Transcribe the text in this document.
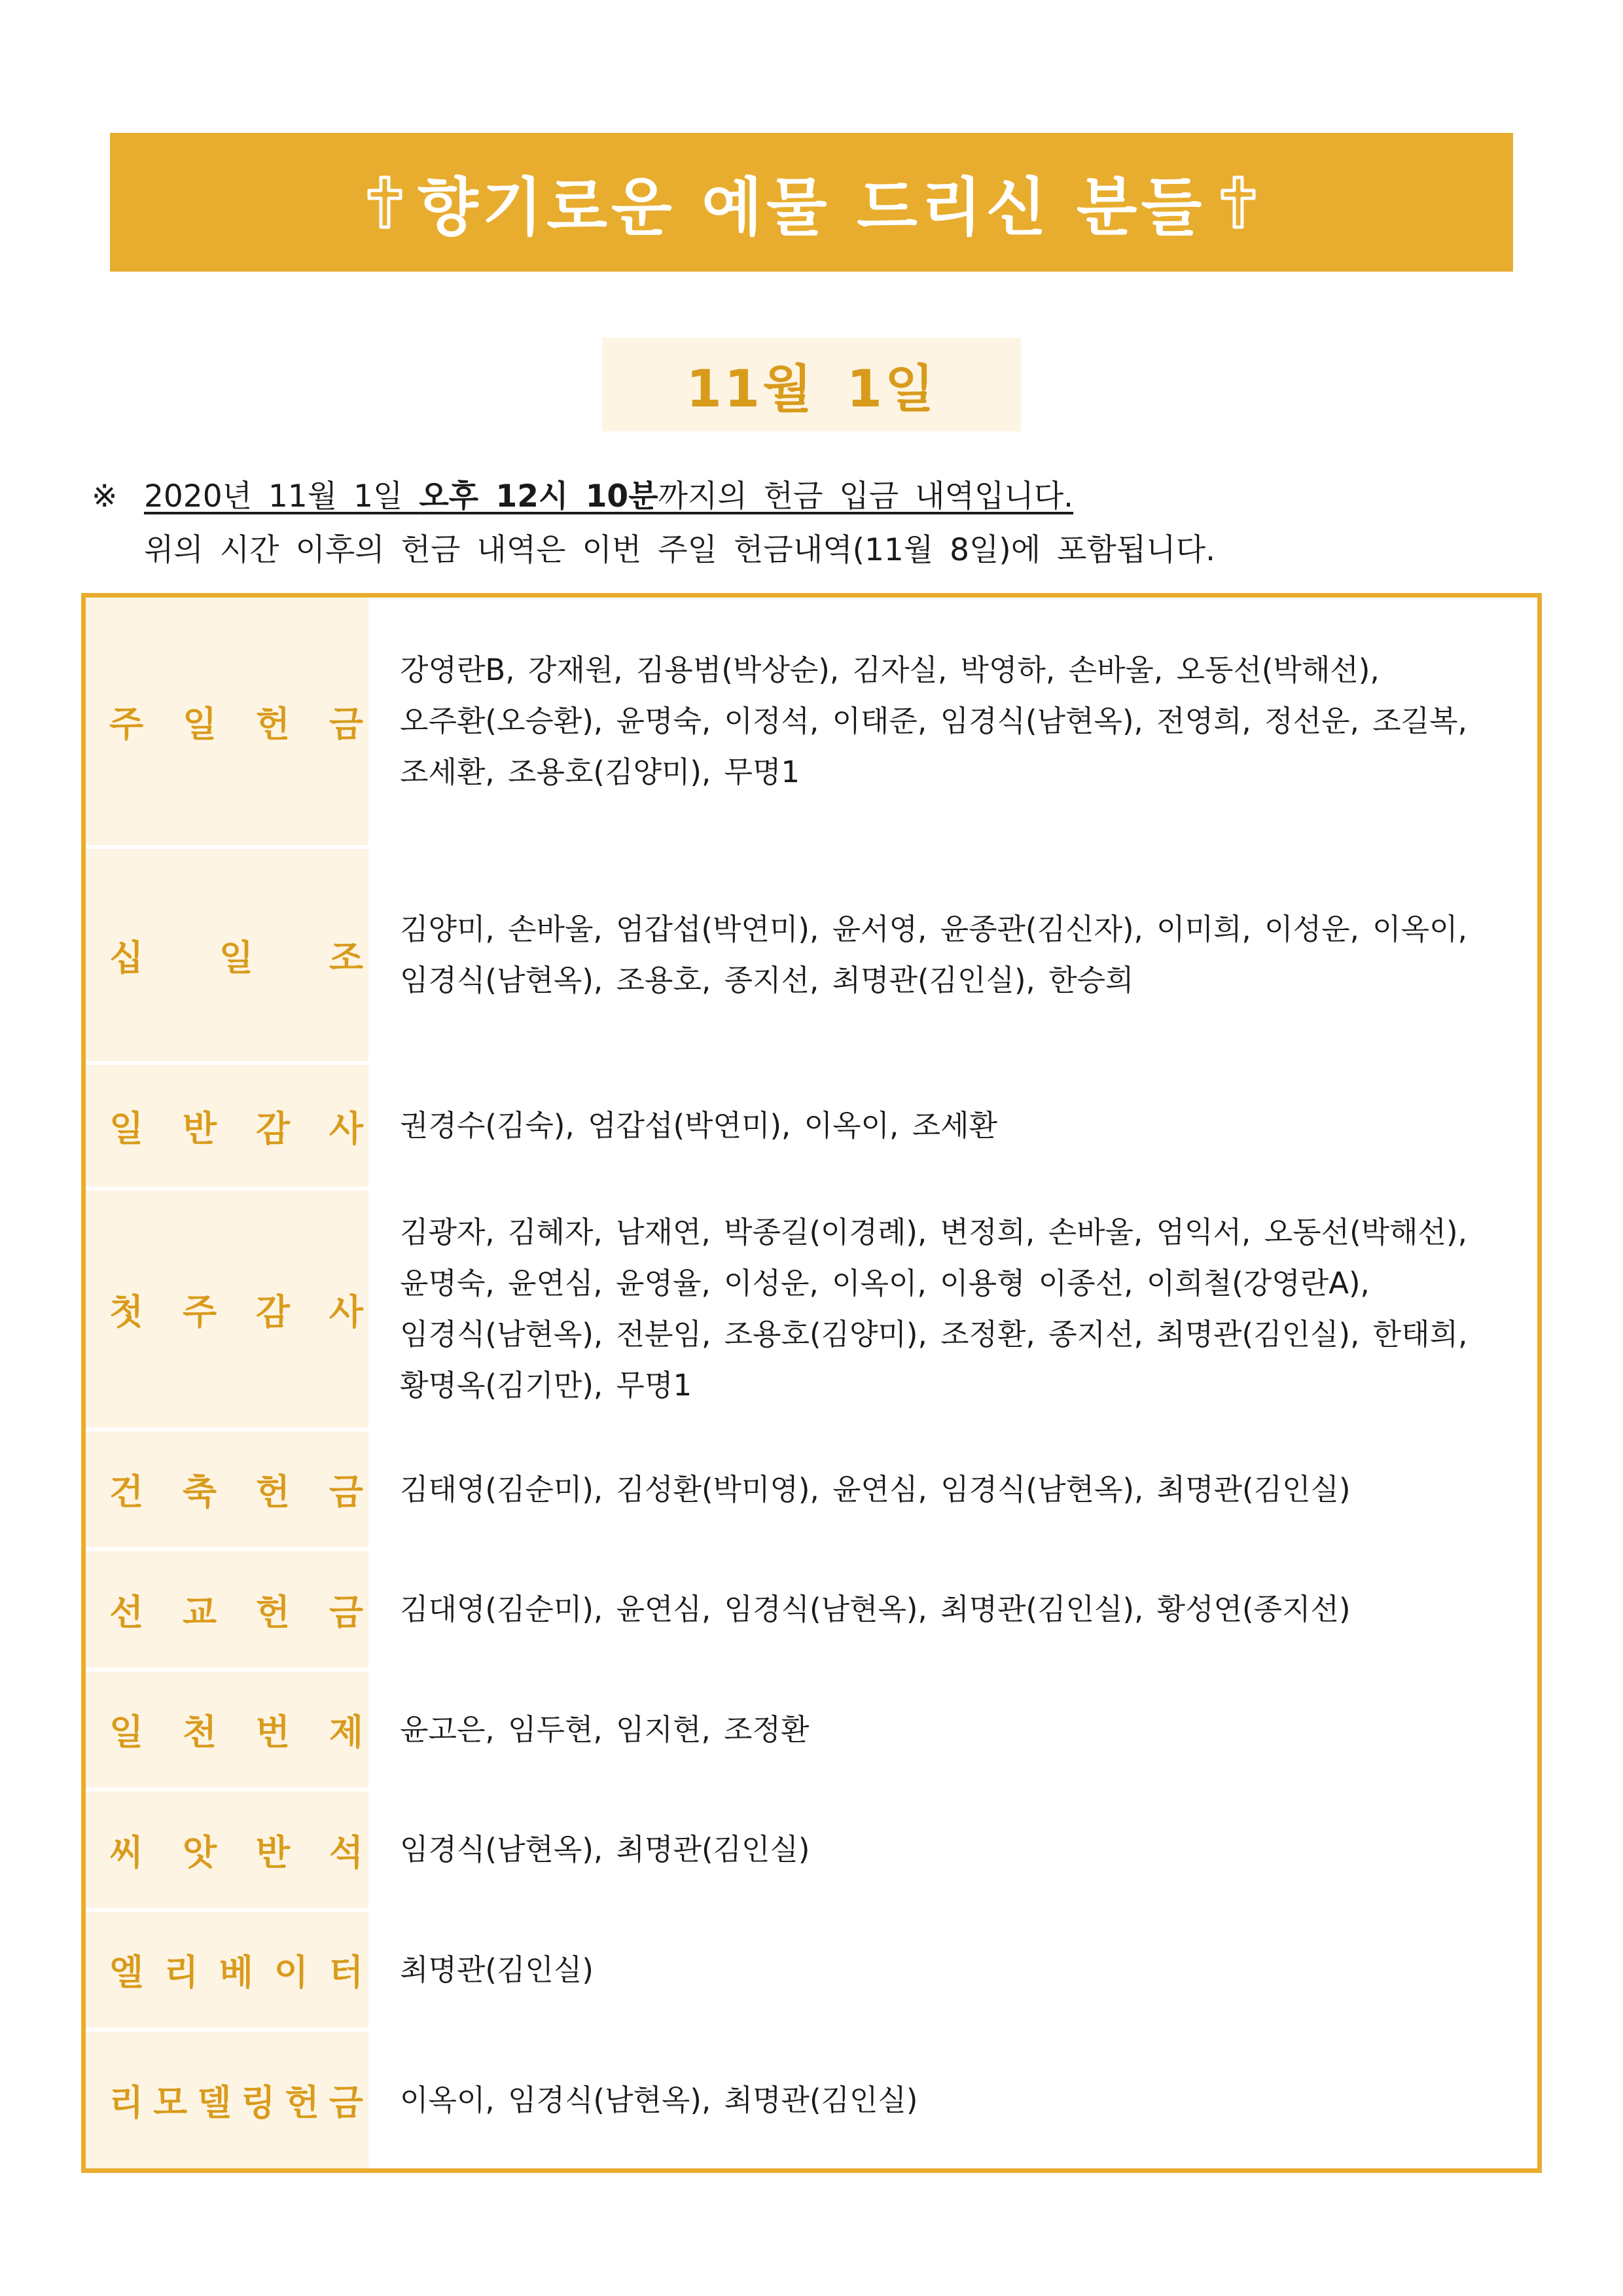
향기로운 예물 드리신 분들
11월 1일
※ 2020년 11월 1일 오후 12시 10분까지의 헌금 입금 내역입니다.
위의 시간 이후의 헌금 내역은 이번 주일 헌금내역(11월 8일)에 포함됩니다.
주 일 헌 금

강영란B, 강재원, 김용범(박상순), 김자실, 박영하, 손바울, 오동선(박해선),

오주환(오승환), 윤명숙, 이정석, 이태준, 임경식(남현옥), 전영희, 정선운, 조길복,

조세환, 조용호(김양미), 무명1

십 일 조

김양미, 손바울, 엄갑섭(박연미), 윤서영, 윤종관(김신자), 이미희, 이성운, 이옥이,

임경식(남현옥), 조용호, 종지선, 최명관(김인실), 한승희

일 반 감 사 권경수(김숙), 엄갑섭(박연미), 이옥이, 조세환

첫 주 감 사

김광자, 김혜자, 남재연, 박종길(이경례), 변정희, 손바울, 엄익서, 오동선(박해선),

윤명숙, 윤연심, 윤영율, 이성운, 이옥이, 이용형 이종선, 이희철(강영란A),

임경식(남현옥), 전분임, 조용호(김양미), 조정환, 종지선, 최명관(김인실), 한태희,

황명옥(김기만), 무명1

건 축 헌 금 김태영(김순미), 김성환(박미영), 윤연심, 임경식(남현옥), 최명관(김인실)

선 교 헌 금 김대영(김순미), 윤연심, 임경식(남현옥), 최명관(김인실), 황성연(종지선)

일 천 번 제 윤고은, 임두현, 임지현, 조정환

씨 앗 반 석 임경식(남현옥), 최명관(김인실)

엘 리 베 이 터 최명관(김인실)

리 모 델 링 헌 금 이옥이, 임경식(남현옥), 최명관(김인실)
